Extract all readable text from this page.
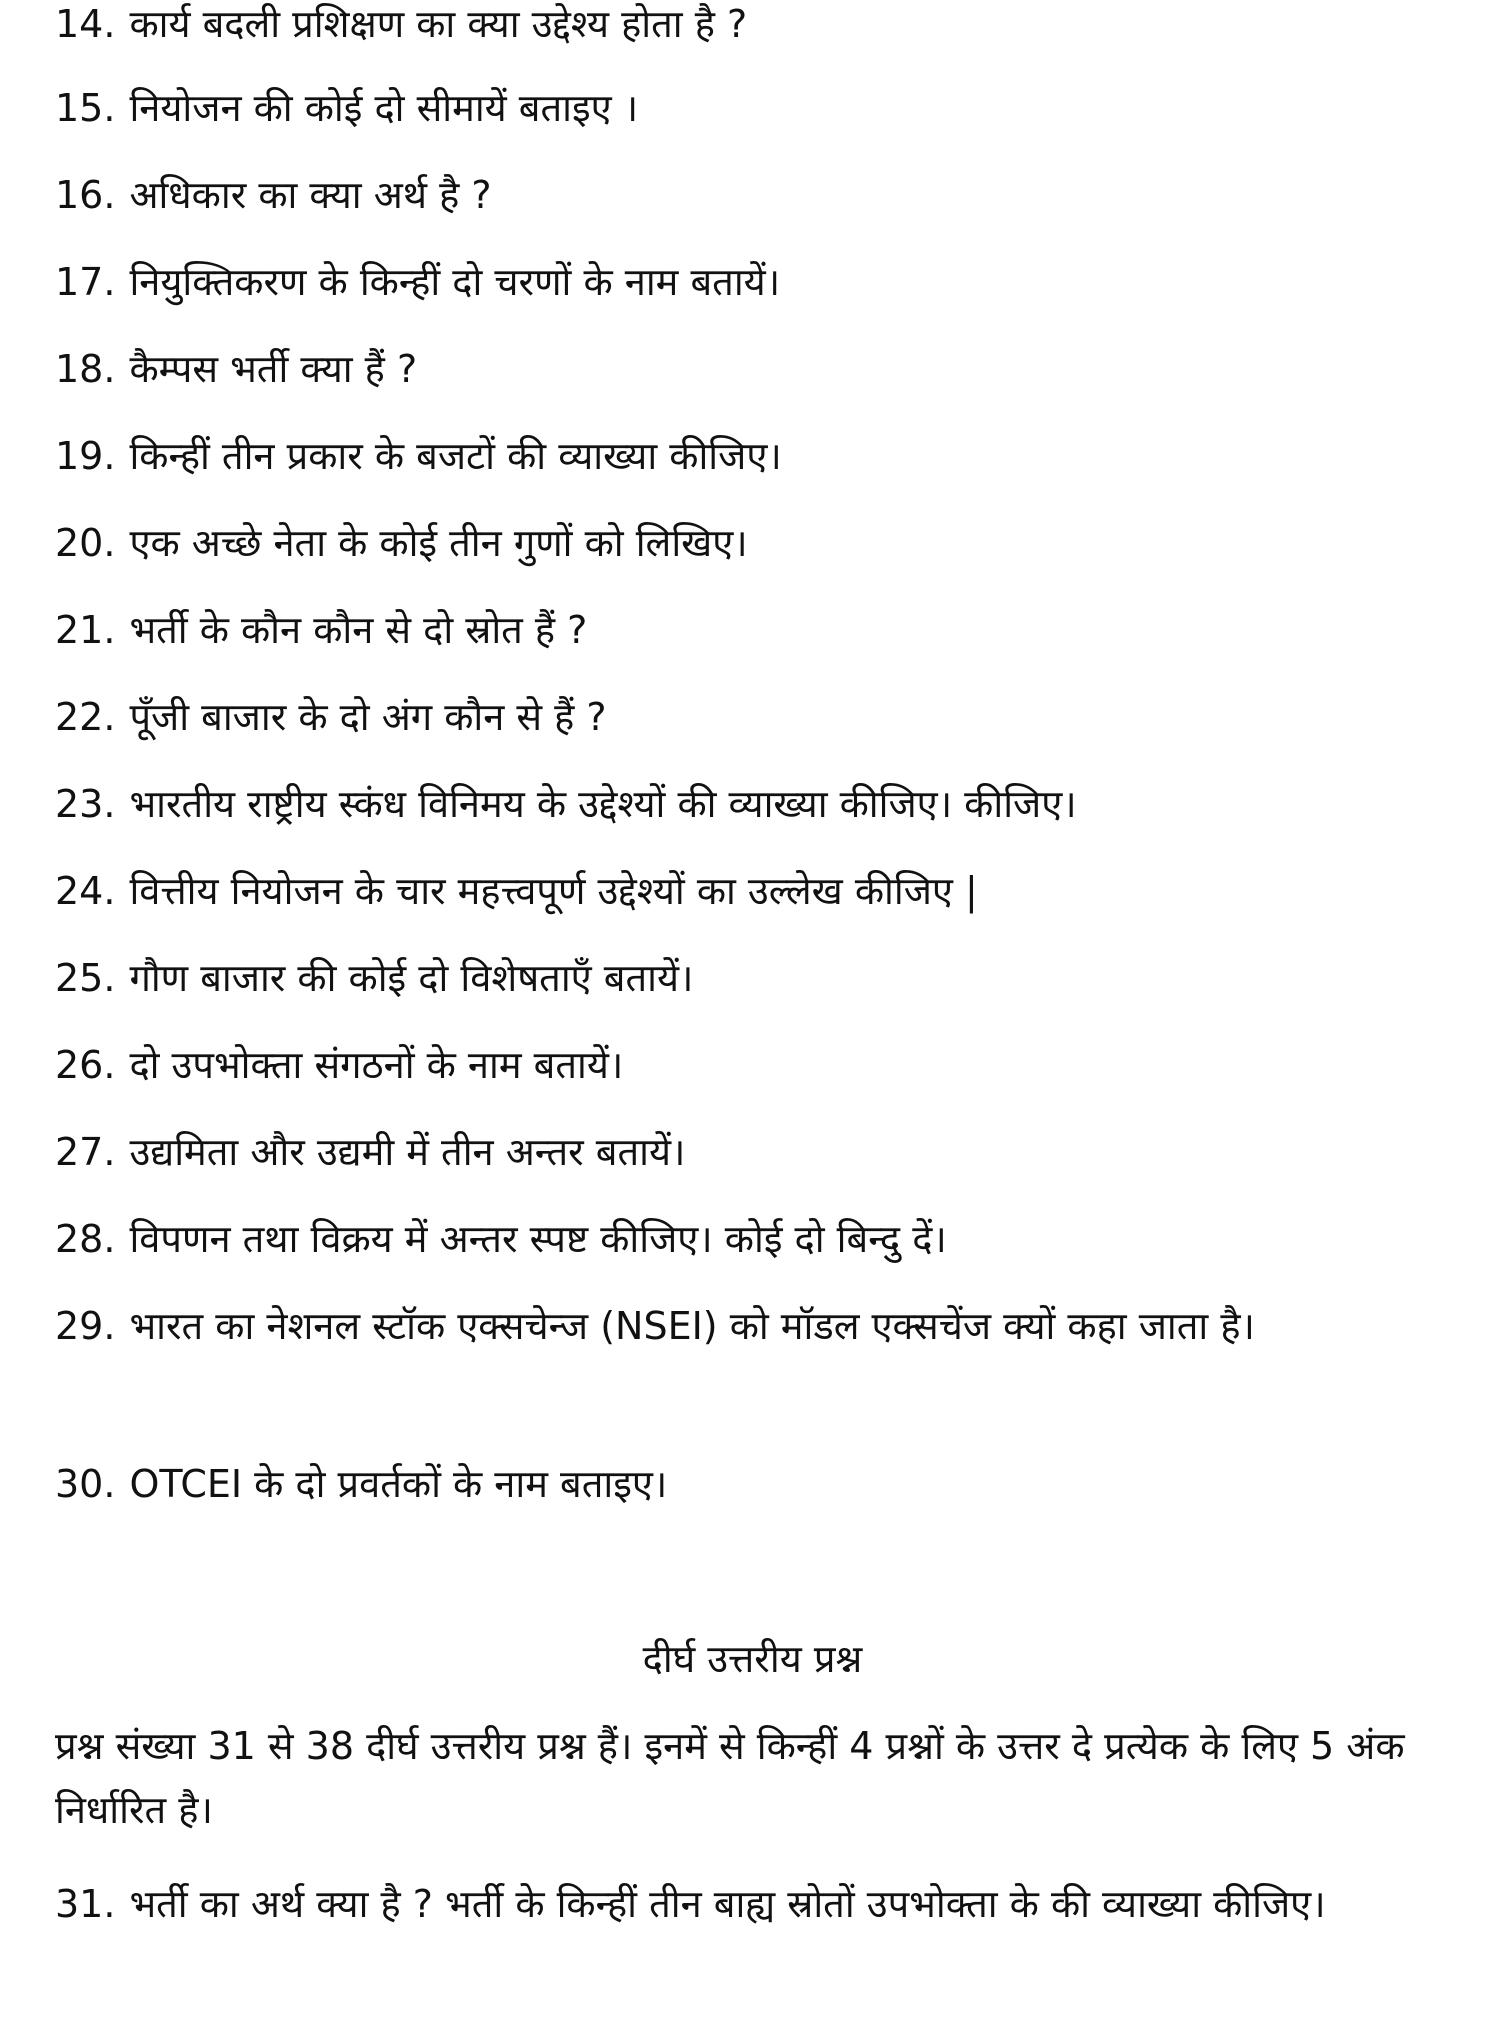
14. कार्य बदली प्रशिक्षण का क्या उद्देश्य होता है ?

15. नियोजन की कोई दो सीमायें बताइए ।

16. अधिकार का क्या अर्थ है ?

17. नियुक्तिकरण के किन्हीं दो चरणों के नाम बतायें।

18. कैम्पस भर्ती क्या हैं ?

19. किन्हीं तीन प्रकार के बजटों की व्याख्या कीजिए।

20. एक अच्छे नेता के कोई तीन गुणों को लिखिए।

21. भर्ती के कौन कौन से दो स्रोत हैं ?

22. पूँजी बाजार के दो अंग कौन से हैं ?

23. भारतीय राष्ट्रीय स्कंध विनिमय के उद्देश्यों की व्याख्या कीजिए। कीजिए।

24. वित्तीय नियोजन के चार महत्त्वपूर्ण उद्देश्यों का उल्लेख कीजिए |

25. गौण बाजार की कोई दो विशेषताएँ बतायें।

26. दो उपभोक्ता संगठनों के नाम बतायें।

27. उद्यमिता और उद्यमी में तीन अन्तर बतायें।

28. विपणन तथा विक्रय में अन्तर स्पष्ट कीजिए। कोई दो बिन्दु दें।

29. भारत का नेशनल स्टॉक एक्सचेन्ज (NSEI) को मॉडल एक्सचेंज क्यों कहा जाता है।

30. OTCEI के दो प्रवर्तकों के नाम बताइए।

दीर्घ उत्तरीय प्रश्न

प्रश्न संख्या 31 से 38 दीर्घ उत्तरीय प्रश्न हैं। इनमें से किन्हीं 4 प्रश्नों के उत्तर दे प्रत्येक के लिए 5 अंक निर्धारित है।

31. भर्ती का अर्थ क्या है ? भर्ती के किन्हीं तीन बाह्य स्रोतों उपभोक्ता के की व्याख्या कीजिए।
